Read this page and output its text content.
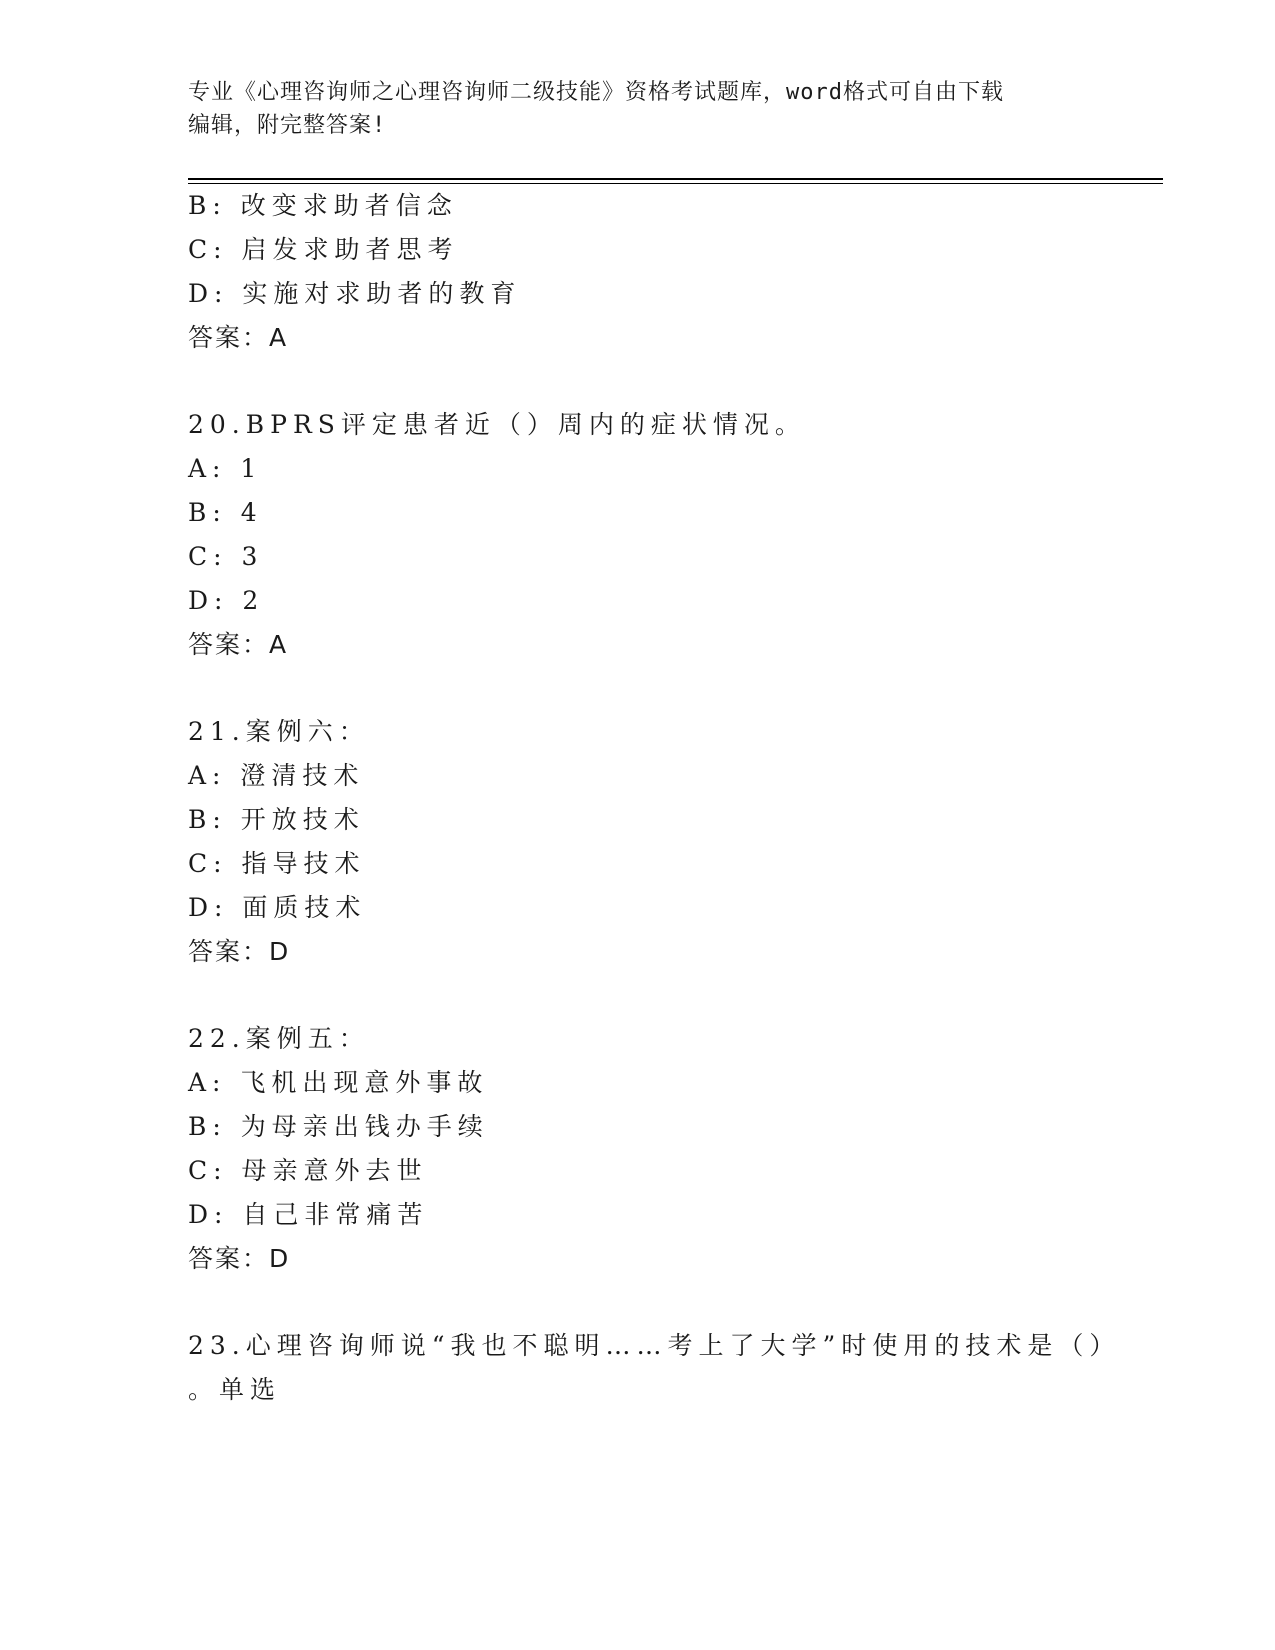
专业《心理咨询师之心理咨询师二级技能》资格考试题库，word格式可自由下载
编辑，附完整答案!
B: 改变求助者信念
C: 启发求助者思考
D: 实施对求助者的教育
答案：A
20.BPRS评定患者近（）周内的症状情况。
A: 1
B: 4
C: 3
D: 2
答案：A
21.案例六：
A: 澄清技术
B: 开放技术
C: 指导技术
D: 面质技术
答案：D
22.案例五：
A: 飞机出现意外事故
B: 为母亲出钱办手续
C: 母亲意外去世
D: 自己非常痛苦
答案：D
23.心理咨询师说“我也不聪明……考上了大学”时使用的技术是（）
。单选
